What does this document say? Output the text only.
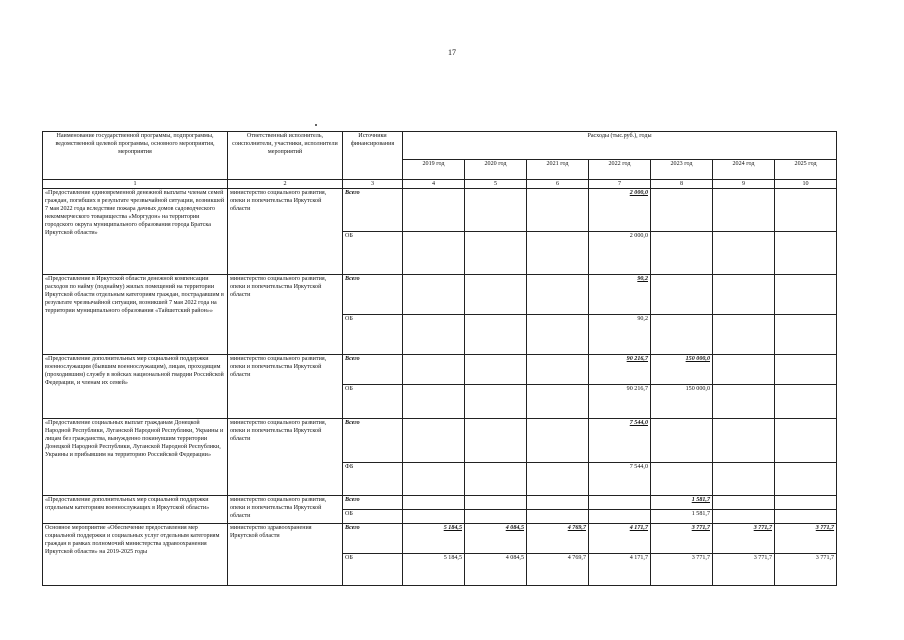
17
Наименование государственной программы, подпрограммы, ведомственной целевой программы, основного мероприятия, мероприятия	Ответственный исполнитель, соисполнители, участники, исполнители мероприятий	Источники финансирования	Расходы (тыс.руб.), годы						
			2019 год	2020 год	2021 год	2022 год	2023 год	2024 год	2025 год
1	2	3	4	5	6	7	8	9	10
«Предоставление единовременной денежной выплаты членам семей граждан, погибших в результате чрезвычайной ситуации, возникшей 7 мая 2022 года вследствие пожара дачных домов садоводческого некоммерческого товарищества «Моргудон» на территории городского округа муниципального образования города Братска Иркутской области»	министерство социального развития, опеки и попечительства Иркутской области	Всего				2 000,0			
		ОБ				2 000,0			
«Предоставление в Иркутской области денежной компенсации расходов по найму (поднайму) жилых помещений на территории Иркутской области отдельным категориям граждан, пострадавшим в результате чрезвычайной ситуации, возникшей 7 мая 2022 года на территории муниципального образования «Тайшетский район»»	министерство социального развития, опеки и попечительства Иркутской области	Всего				90,2			
		ОБ				90,2			
«Предоставление дополнительных мер социальной поддержки военнослужащим (бывшим военнослужащим), лицам, проходящим (проходившим) службу в войсках национальной гвардии Российской Федерации, и членам их семей»	министерство социального развития, опеки и попечительства Иркутской области	Всего				90 216,7	150 000,0		
		ОБ				90 216,7	150 000,0		
«Предоставление социальных выплат гражданам Донецкой Народной Республики, Луганской Народной Республики, Украины и лицам без гражданства, вынужденно покинувшим территории Донецкой Народной Республики, Луганской Народной Республики, Украины и прибывшим на территорию Российской Федерации»	министерство социального развития, опеки и попечительства Иркутской области	Всего				7 544,0			
		ФБ				7 544,0			
«Предоставление дополнительных мер социальной поддержки отдельным категориям военнослужащих в Иркутской области»	министерство социального развития, опеки и попечительства Иркутской области	Всего					1 581,7		
		ОБ					1 581,7		
Основное мероприятие «Обеспечение предоставления мер социальной поддержки и социальных услуг отдельным категориям граждан в рамках полномочий министерства здравоохранения Иркутской области» на 2019-2025 годы	министерство здравоохранения Иркутской области	Всего	5 184,5	4 084,5	4 769,7	4 171,7	3 771,7	3 771,7	3 771,7
		ОБ	5 184,5	4 084,5	4 769,7	4 171,7	3 771,7	3 771,7	3 771,7
